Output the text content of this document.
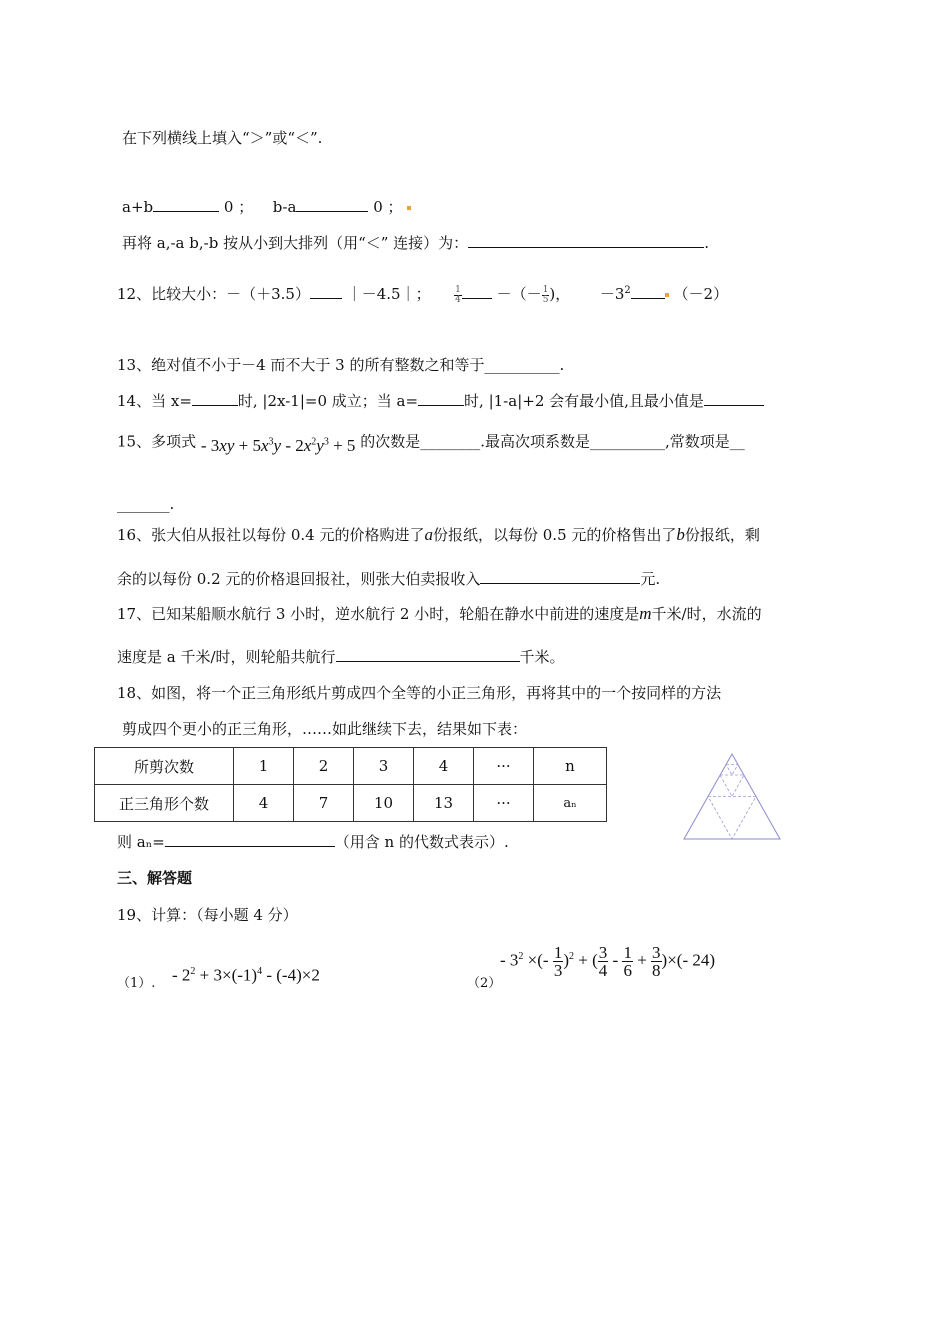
在下列横线上填入“＞”或“＜”.
a+b	0 ； b-a	0 ；
再将 a,-a b,-b 按从小到大排列（用“＜” 连接）为：	.
12、比较大小：－（＋3.5） ｜－4.5｜；	$\frac{1}{4}$ －（－ $\frac{1}{5}$ )， $-3^2$	（－2）
13、绝对值不小于－4 而不大于 3 的所有整数之和等于__________.
14、当 x=	时, |2x-1|=0 成立；当 a=	时, |1-a|+2 会有最小值,且最小值是
15、多项式 - $3xy + 5x^3y - 2x^2y^3 + 5$ 的次数是________.最高次项系数是__________,常数项是__
_______.
16、张大伯从报社以每份 0.4 元的价格购进了a份报纸，以每份 0.5 元的价格售出了b份报纸，剩
余的以每份 0.2 元的价格退回报社，则张大伯卖报收入	元.
17、已知某船顺水航行 3 小时，逆水航行 2 小时，轮船在静水中前进的速度是m千米/时，水流的
速度是 a 千米/时，则轮船共航行	千米。
18、如图，将一个正三角形纸片剪成四个全等的小正三角形，再将其中的一个按同样的方法
剪成四个更小的正三角形，……如此继续下去，结果如下表：
所剪次数	1	2	3	4	···	n
正三角形个数	4	7	10	13	···	aₙ
则 aₙ=	（用含 n 的代数式表示）.
三、解答题
19、计算：（每小题 4 分）
（1）. - $2^2 + 3\times(-1)^4 - (-4)\times 2$	（2）
- $3^2$ ×(- $\frac{1}{3} )^2$ + ( $\frac{3}{4} - \frac{1}{6} + \frac{3}{8}$ )×(- 24)
